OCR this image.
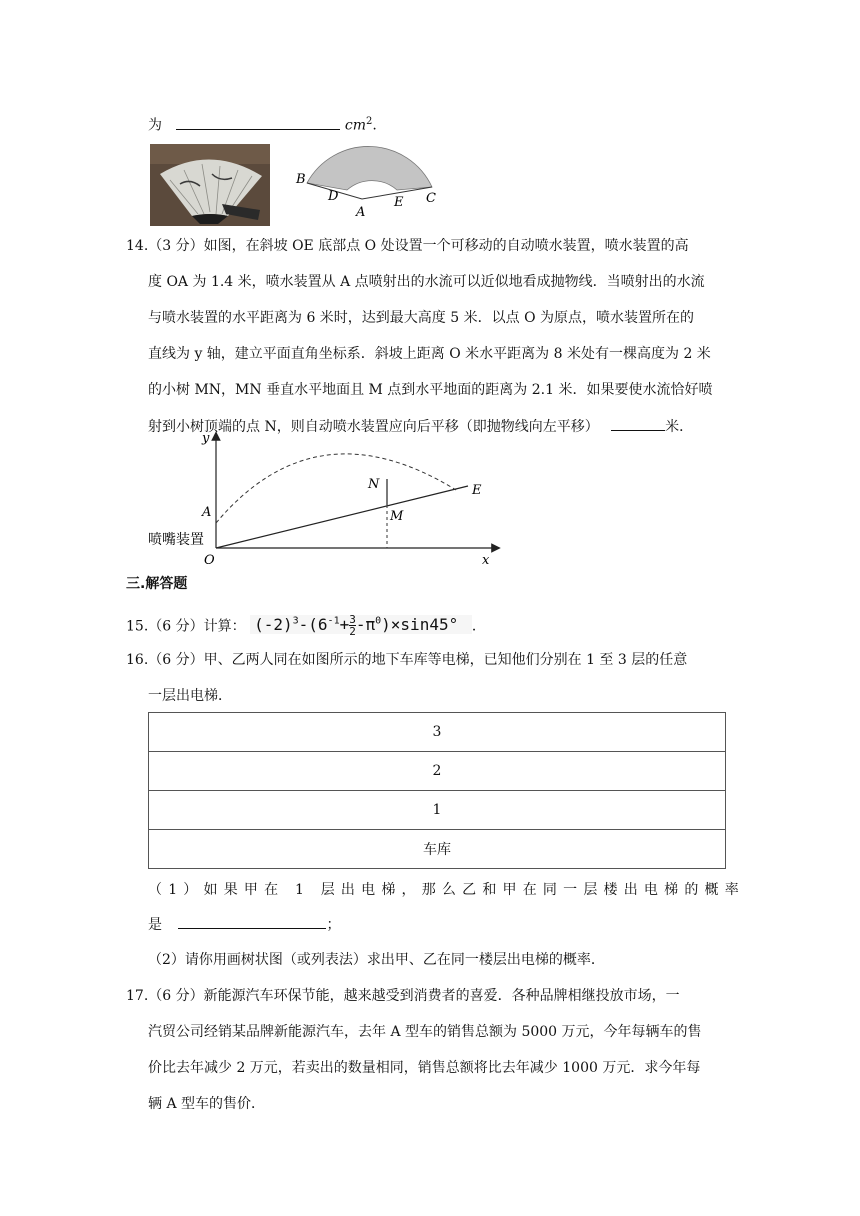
为	$cm^2$.
B
D
A
E C
14.（3 分）如图，在斜坡 OE 底部点 O 处设置一个可移动的自动喷水装置，喷水装置的高
度 OA 为 1.4 米，喷水装置从 A 点喷射出的水流可以近似地看成抛物线．当喷射出的水流
与喷水装置的水平距离为 6 米时，达到最大高度 5 米．以点 O 为原点，喷水装置所在的
直线为 y 轴，建立平面直角坐标系．斜坡上距离 O 米水平距离为 8 米处有一棵高度为 2 米
的小树 MN，MN 垂直水平地面且 M 点到水平地面的距离为 2.1 米．如果要使水流恰好喷
射到小树顶端的点 N，则自动喷水装置应向后平移（即抛物线向左平移）	米．
y
x
O
A
N
M
E
喷嘴装置
三.解答题
15.（6 分）计算： $(-2)^3-(6^{-1}+ \frac{3}{2} -\pi^0)\times\sin 45^\circ$ ．
16.（6 分）甲、乙两人同在如图所示的地下车库等电梯，已知他们分别在 1 至 3 层的任意
一层出电梯．
3
2
1
车库
（1）如果甲在 1 层出电梯，那么乙和甲在同一层楼出电梯的概率
是	；
（2）请你用画树状图（或列表法）求出甲、乙在同一楼层出电梯的概率．
17.（6 分）新能源汽车环保节能，越来越受到消费者的喜爱．各种品牌相继投放市场，一
汽贸公司经销某品牌新能源汽车，去年 A 型车的销售总额为 5000 万元，今年每辆车的售
价比去年减少 2 万元，若卖出的数量相同，销售总额将比去年减少 1000 万元．求今年每
辆 A 型车的售价．
